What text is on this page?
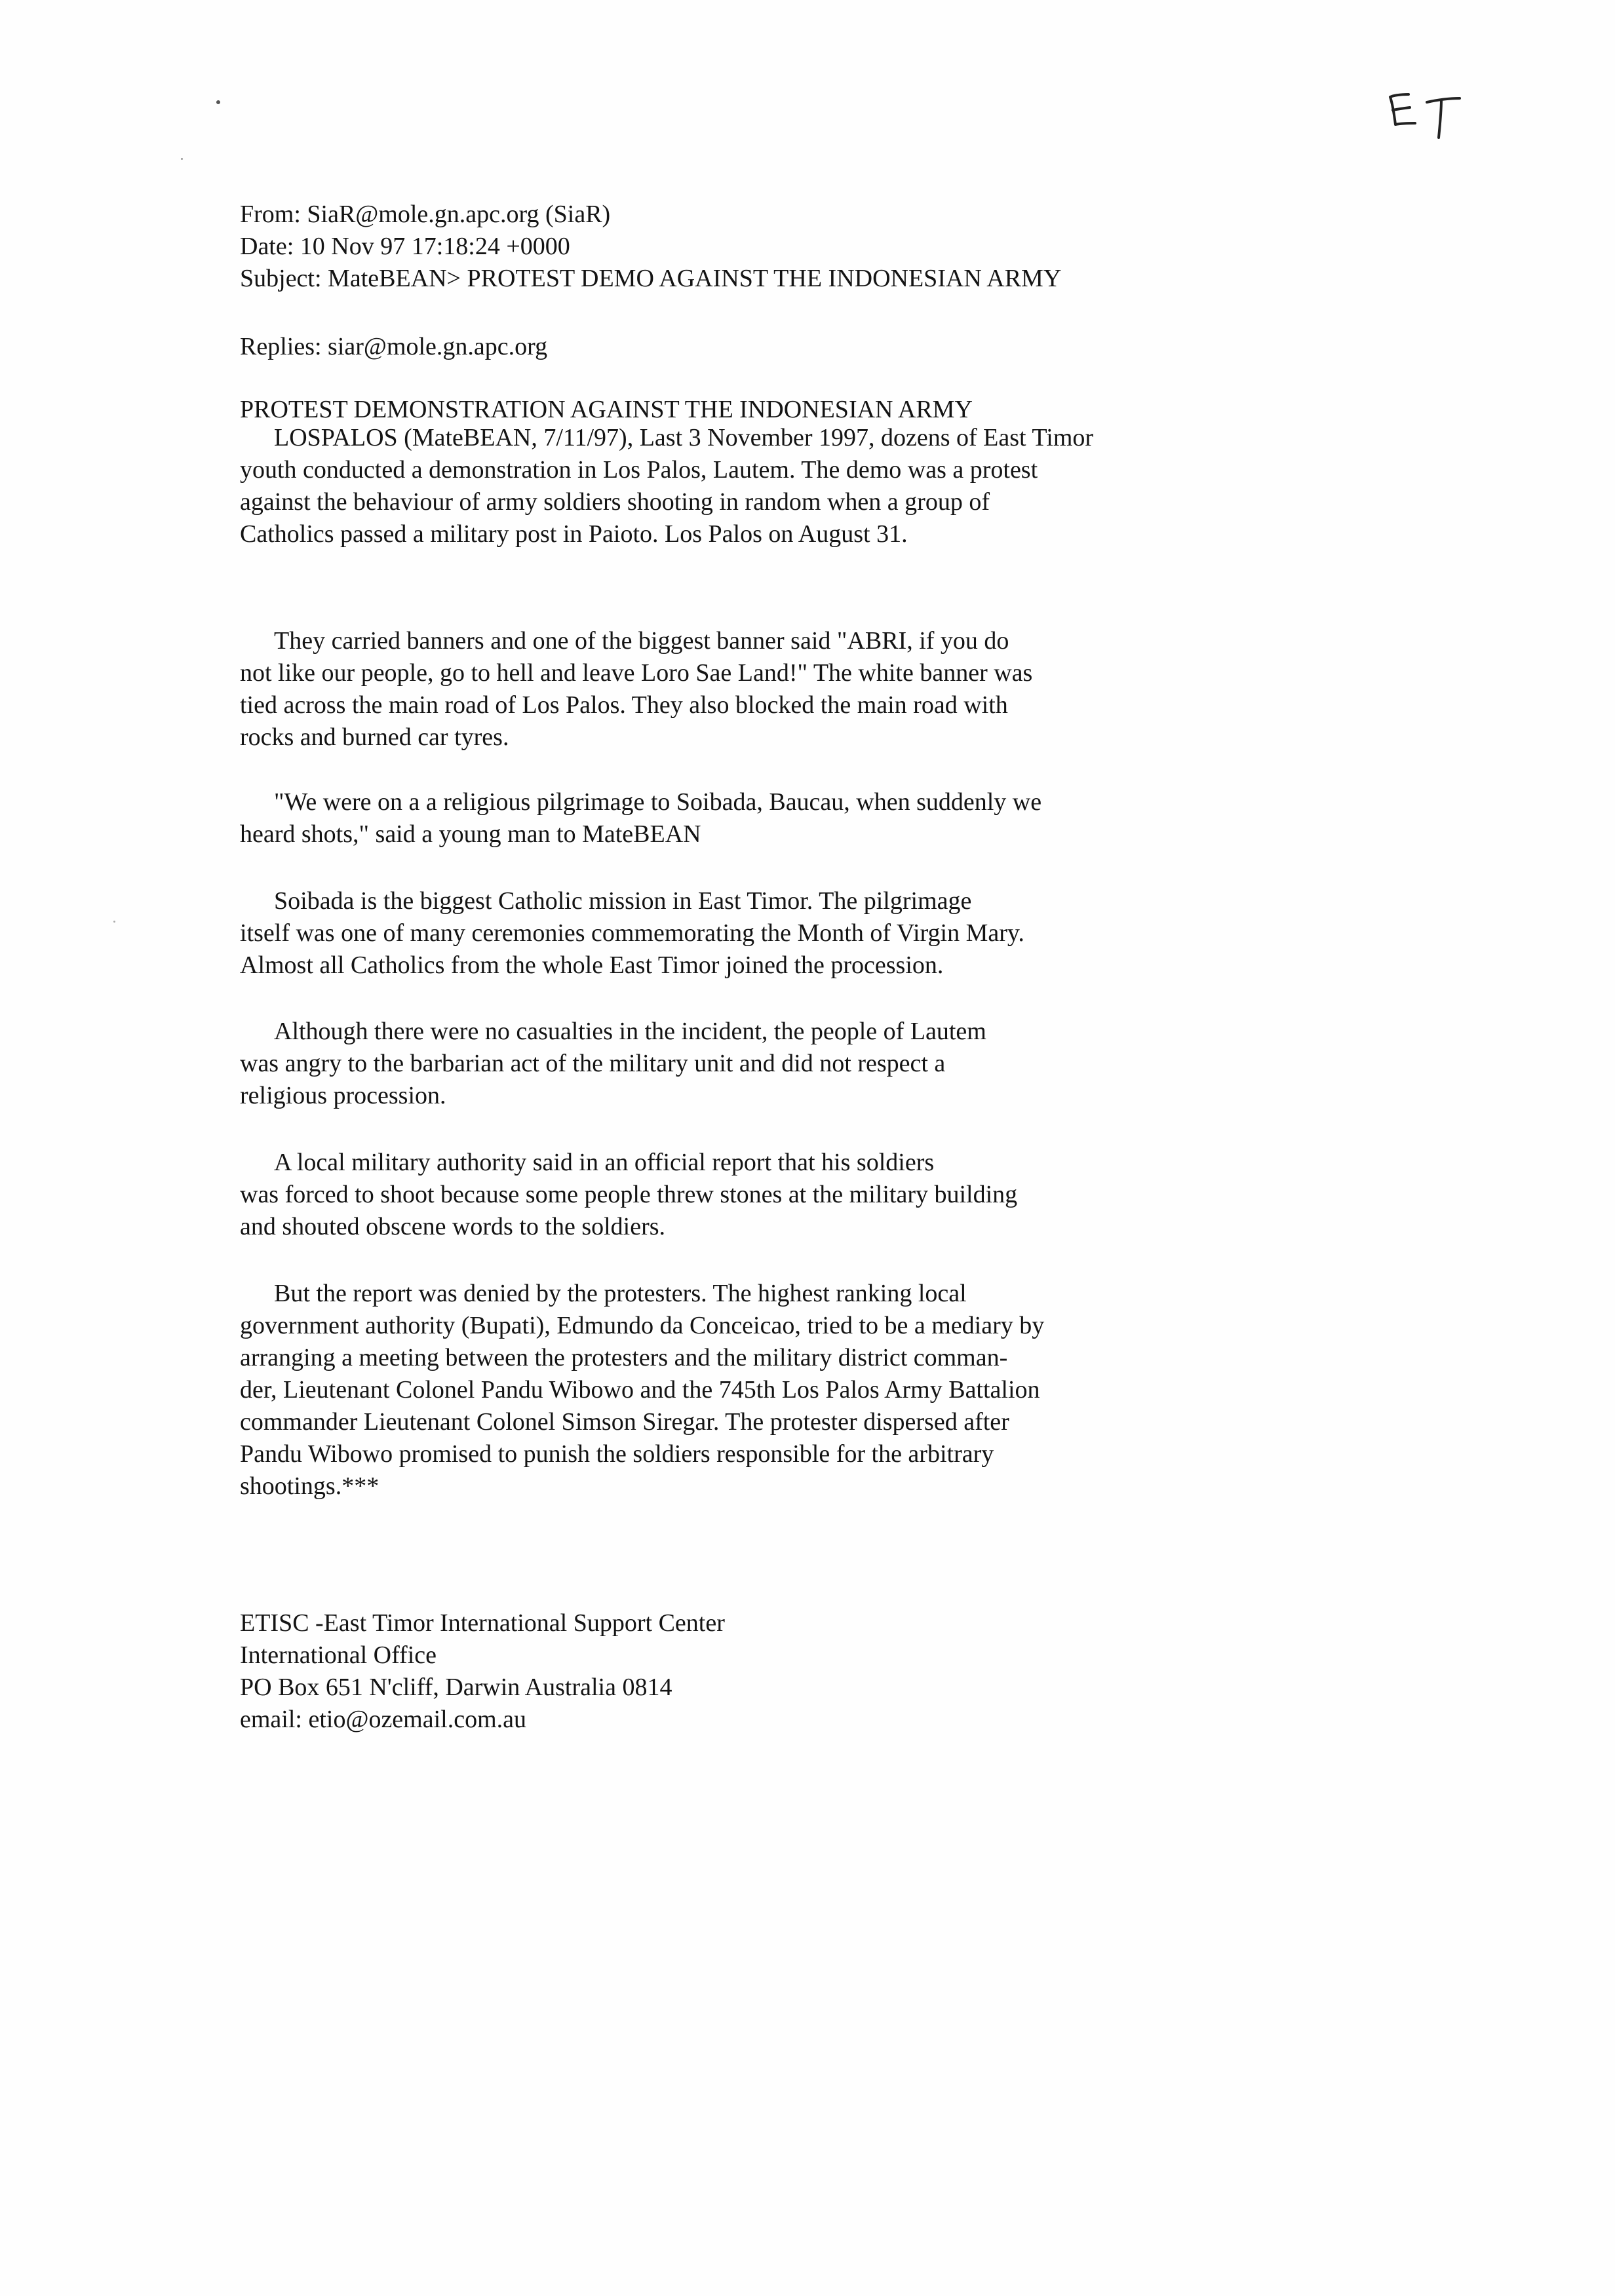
From: SiaR@mole.gn.apc.org (SiaR)
Date: 10 Nov 97 17:18:24 +0000
Subject: MateBEAN> PROTEST DEMO AGAINST THE INDONESIAN ARMY
Replies: siar@mole.gn.apc.org
PROTEST DEMONSTRATION AGAINST THE INDONESIAN ARMY
LOSPALOS (MateBEAN, 7/11/97), Last 3 November 1997, dozens of East Timor
youth conducted a demonstration in Los Palos, Lautem. The demo was a protest
against the behaviour of army soldiers shooting in random when a group of
Catholics passed a military post in Paioto. Los Palos on August 31.
They carried banners and one of the biggest banner said "ABRI, if you do
not like our people, go to hell and leave Loro Sae Land!" The white banner was
tied across the main road of Los Palos. They also blocked the main road with
rocks and burned car tyres.
"We were on a a religious pilgrimage to Soibada, Baucau, when suddenly we
heard shots," said a young man to MateBEAN
Soibada is the biggest Catholic mission in East Timor. The pilgrimage
itself was one of many ceremonies commemorating the Month of Virgin Mary.
Almost all Catholics from the whole East Timor joined the procession.
Although there were no casualties in the incident, the people of Lautem
was angry to the barbarian act of the military unit and did not respect a
religious procession.
A local military authority said in an official report that his soldiers
was forced to shoot because some people threw stones at the military building
and shouted obscene words to the soldiers.
But the report was denied by the protesters. The highest ranking local
government authority (Bupati), Edmundo da Conceicao, tried to be a mediary by
arranging a meeting between the protesters and the military district comman-
der, Lieutenant Colonel Pandu Wibowo and the 745th Los Palos Army Battalion
commander Lieutenant Colonel Simson Siregar. The protester dispersed after
Pandu Wibowo promised to punish the soldiers responsible for the arbitrary
shootings.***
ETISC -East Timor International Support Center
International Office
PO Box 651 N'cliff, Darwin Australia 0814
email: etio@ozemail.com.au
